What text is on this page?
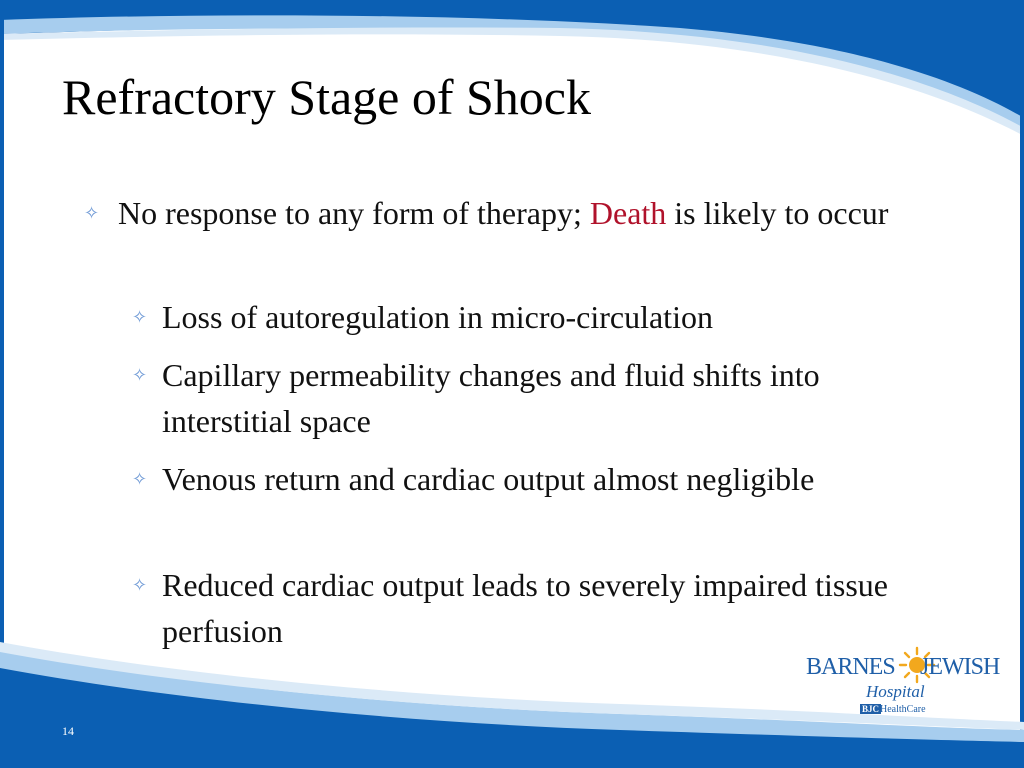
Refractory Stage of Shock
✧ No response to any form of therapy; Death is likely to occur
✧ Loss of autoregulation in micro-circulation
✧ Capillary permeability changes and fluid shifts into interstitial space
✧ Venous return and cardiac output almost negligible
✧ Reduced cardiac output leads to severely impaired tissue perfusion
BARNES JEWISH
Hospital
BJC HealthCare
14
